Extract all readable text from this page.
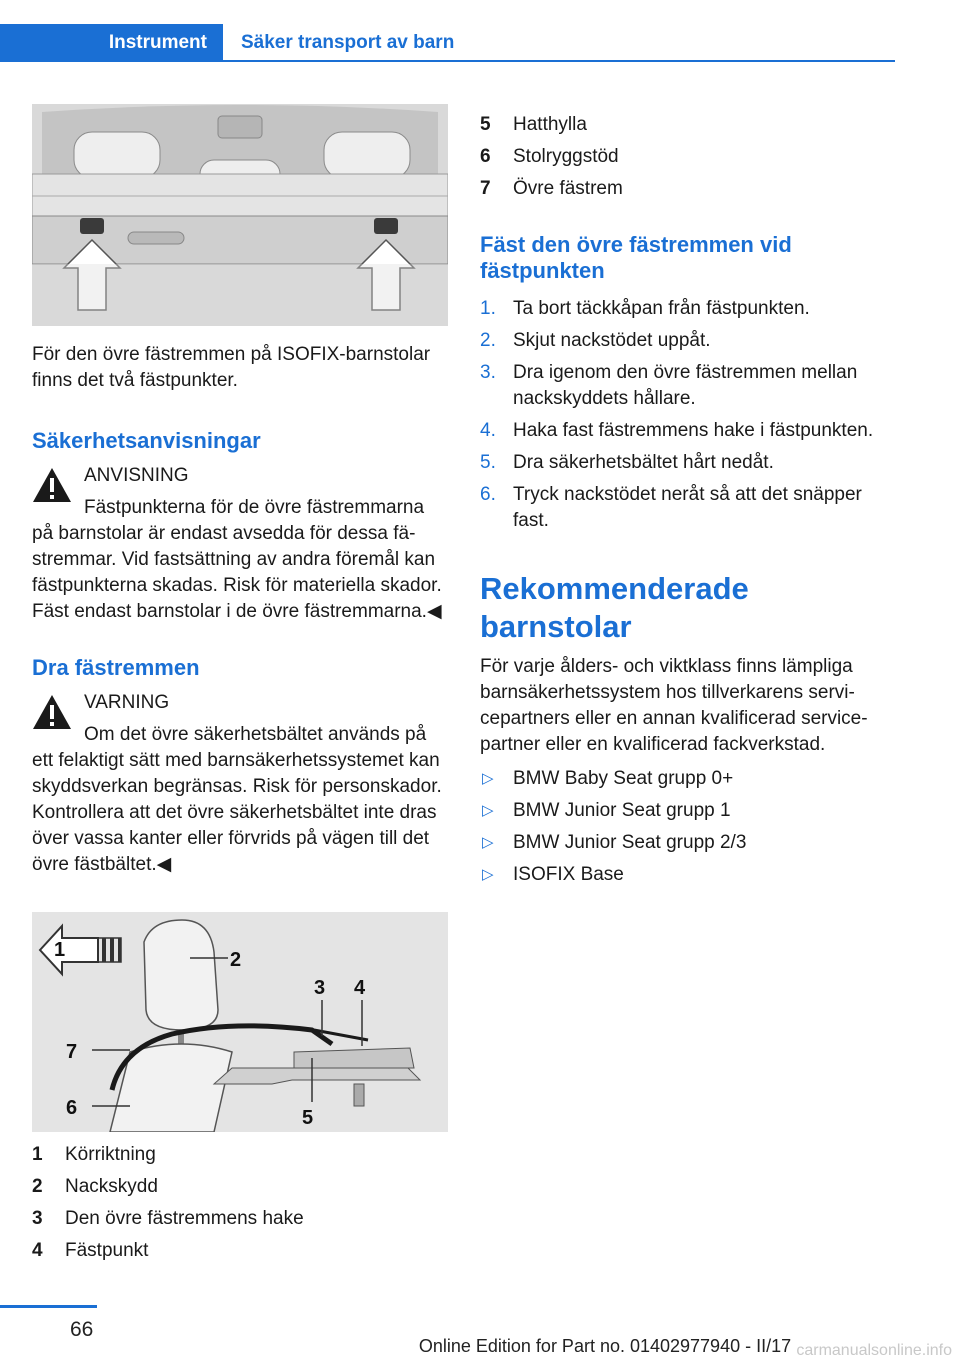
Instrument	Säker transport av barn

För den övre fästremmen på ISOFIX-barnstolar finns det två fästpunkter.

Säkerhetsanvisningar

ANVISNING

Fästpunkterna för de övre fästremmarna

på barnstolar är endast avsedda för dessa fästremmar. Vid fastsättning av andra föremål kan fästpunkterna skadas. Risk för materiella skador. Fäst endast barnstolar i de övre fästremmarna.◀

Dra fästremmen

VARNING

Om det övre säkerhetsbältet används på

ett felaktigt sätt med barnsäkerhetssystemet kan skyddsverkan begränsas. Risk för personskador. Kontrollera att det övre säkerhetsbältet inte dras över vassa kanter eller förvrids på vägen till det övre fästbältet.◀

1	2
3 4
5
6
7
1 Körriktning
2 Nackskydd
3 Den övre fästremmens hake
4 Fästpunkt
5 Hatthylla
6 Stolryggstöd
7 Övre fästrem

Fäst den övre fästremmen vid fästpunkten

1. Ta bort täckkåpan från fästpunkten.
2. Skjut nackstödet uppåt.
3. Dra igenom den övre fästremmen mellan nackskyddets hållare.
4. Haka fast fästremmens hake i fästpunkten.
5. Dra säkerhetsbältet hårt nedåt.
6. Tryck nackstödet neråt så att det snäpper fast.

Rekommenderade barnstolar

För varje ålders- och viktklass finns lämpliga barnsäkerhetssystem hos tillverkarens servicepartners eller en annan kvalificerad servicepartner eller en kvalificerad fackverkstad.

▷ BMW Baby Seat grupp 0+
▷ BMW Junior Seat grupp 1
▷ BMW Junior Seat grupp 2/3
▷ ISOFIX Base
66
Online Edition for Part no. 01402977940 - II/17 carmanualsonline.info
